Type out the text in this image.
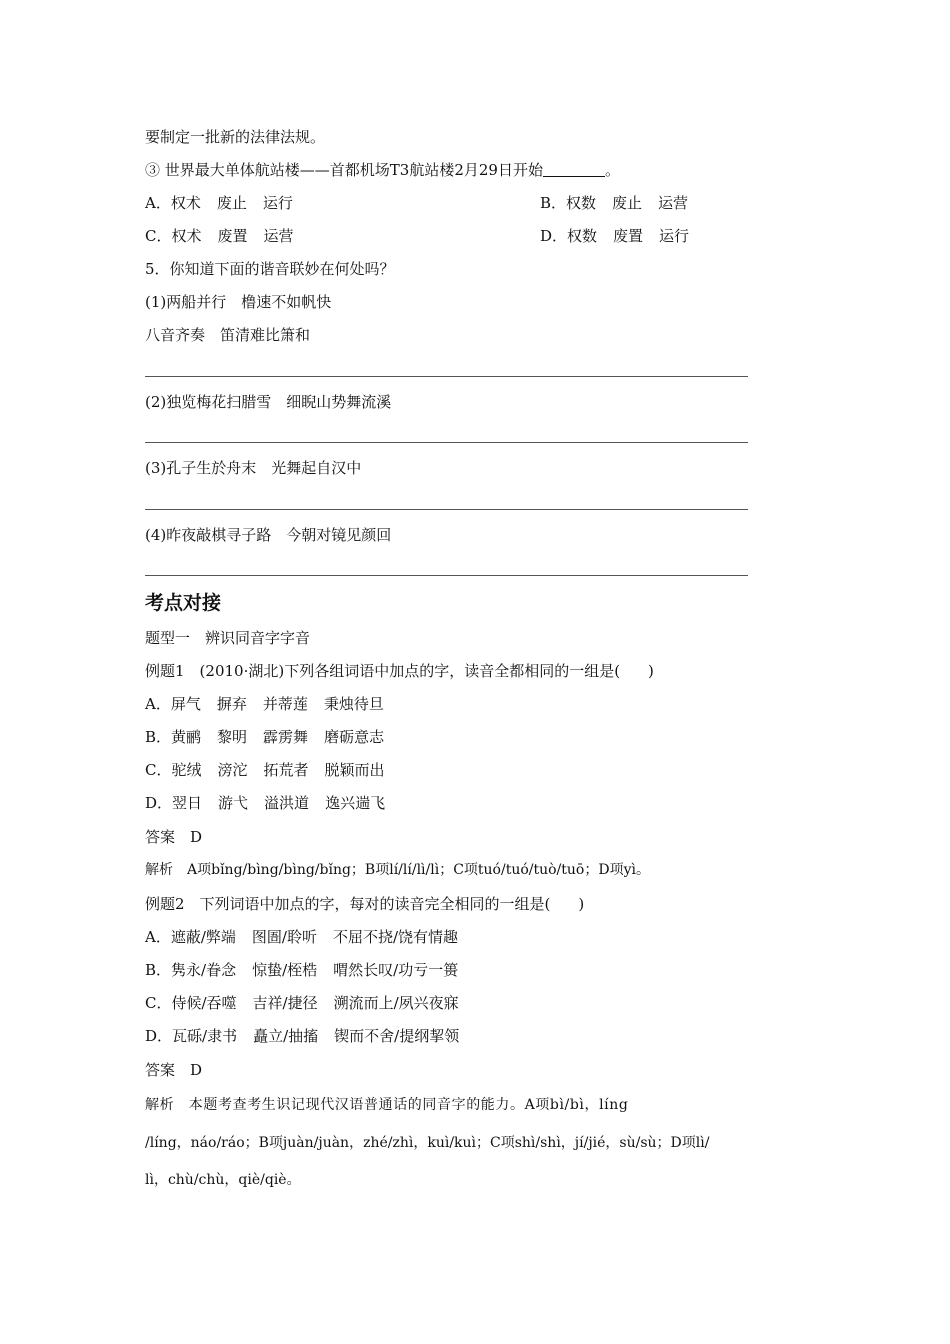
要制定一批新的法律法规。
③ 世界最大单体航站楼——首都机场T3航站楼2月29日开始	。
A．权术 废止 运行	B．权数 废止 运营
C．权术 废置 运营	D．权数 废置 运行
5．你知道下面的谐音联妙在何处吗？
(1)两船并行　橹速不如帆快
八音齐奏　笛清难比箫和
(2)独览梅花扫腊雪　细睨山势舞流溪
(3)孔子生於舟末　光舞起自汉中
(4)昨夜敲棋寻子路　今朝对镜见颜回
考点对接
题型一　辨识同音字字音
例题1　(2010·湖北)下列各组词语中加点的字，读音全都相同的一组是( )
A．屏气 摒弃 并蒂莲 秉烛待旦
B．黄鹂 黎明 霹雳舞 磨砺意志
C．驼绒 滂沱 拓荒者 脱颖而出
D．翌日 游弋 溢洪道 逸兴遄飞
答案　D
解析　A项bǐng/bìng/bìng/bǐng；B项lí/lí/lì/lì；C项tuó/tuó/tuò/tuō；D项yì。
例题2　下列词语中加点的字，每对的读音完全相同的一组是( )
A．遮蔽/弊端 图圄/聆听 不屈不挠/饶有情趣
B．隽永/眷念 惊蛰/桎梏 喟然长叹/功亏一篑
C．侍候/吞噬 吉祥/捷径 溯流而上/夙兴夜寐
D．瓦砾/隶书 矗立/抽搐 锲而不舍/提纲挈领
答案　D
解析　本题考查考生识记现代汉语普通话的同音字的能力。A项bì/bì，líng
/líng，náo/ráo；B项juàn/juàn，zhé/zhì，kuì/kuì；C项shì/shì，jí/jié，sù/sù；D项lì/
lì，chù/chù，qiè/qiè。
